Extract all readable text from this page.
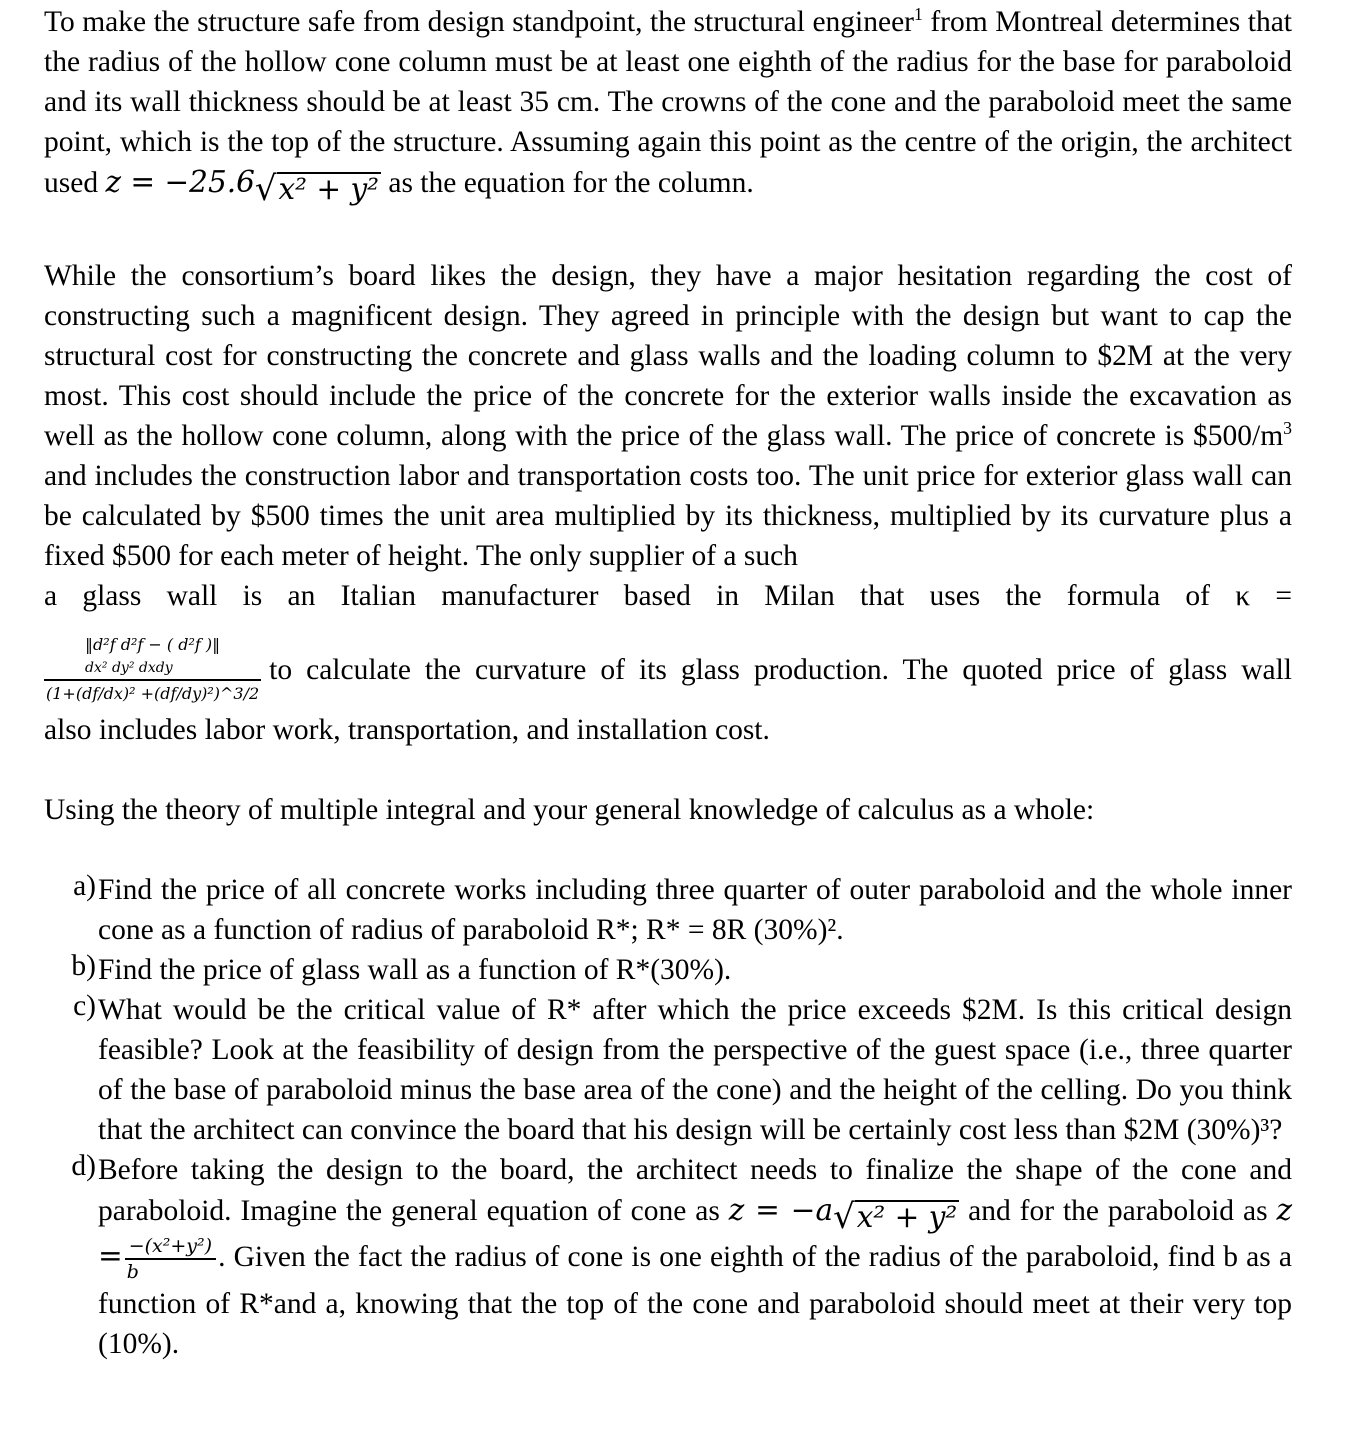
To make the structure safe from design standpoint, the structural engineer$^1$ from Montreal determines that the radius of the hollow cone column must be at least one eighth of the radius for the base for paraboloid and its wall thickness should be at least 35 cm. The crowns of the cone and the paraboloid meet the same point, which is the top of the structure. Assuming again this point as the centre of the origin, the architect used z = −25.6 √ x² + y² as the equation for the column.

While the consortium’s board likes the design, they have a major hesitation regarding the cost of constructing such a magnificent design. They agreed in principle with the design but want to cap the structural cost for constructing the concrete and glass walls and the loading column to $2M at the very most. This cost should include the price of the concrete for the exterior walls inside the excavation as well as the hollow cone column, along with the price of the glass wall. The price of concrete is $\$500/m^3$ and includes the construction labor and transportation costs too. The unit price for exterior glass wall can be calculated by $500 times the unit area multiplied by its thickness, multiplied by its curvature plus a fixed $500 for each meter of height. The only supplier of a such

a glass wall is an Italian manufacturer based in Milan that uses the formula of κ =

‖d²f d²f − ( d²f )‖
dx² dy² dxdy
(1+(df/dx)² +(df/dy)²)^3/2
to calculate the curvature of its glass production. The quoted price of glass wall

also includes labor work, transportation, and installation cost.

Using the theory of multiple integral and your general knowledge of calculus as a whole:

a) Find the price of all concrete works including three quarter of outer paraboloid and the whole inner cone as a function of radius of paraboloid R*; R* = 8R (30%)².
b) Find the price of glass wall as a function of R*(30%).
c) What would be the critical value of R* after which the price exceeds $2M. Is this critical design feasible? Look at the feasibility of design from the perspective of the guest space (i.e., three quarter of the base of paraboloid minus the base area of the cone) and the height of the celling. Do you think that the architect can convince the board that his design will be certainly cost less than $2M (30%)³?
d) Before taking the design to the board, the architect needs to finalize the shape of the cone and paraboloid. Imagine the general equation of cone as z = −a √ x² + y² and for the paraboloid as $z = \frac{\text{−(x²+y²)}}{b}$ . Given the fact the radius of cone is one eighth of the radius of the paraboloid, find b as a function of R*and a, knowing that the top of the cone and paraboloid should meet at their very top (10%).
